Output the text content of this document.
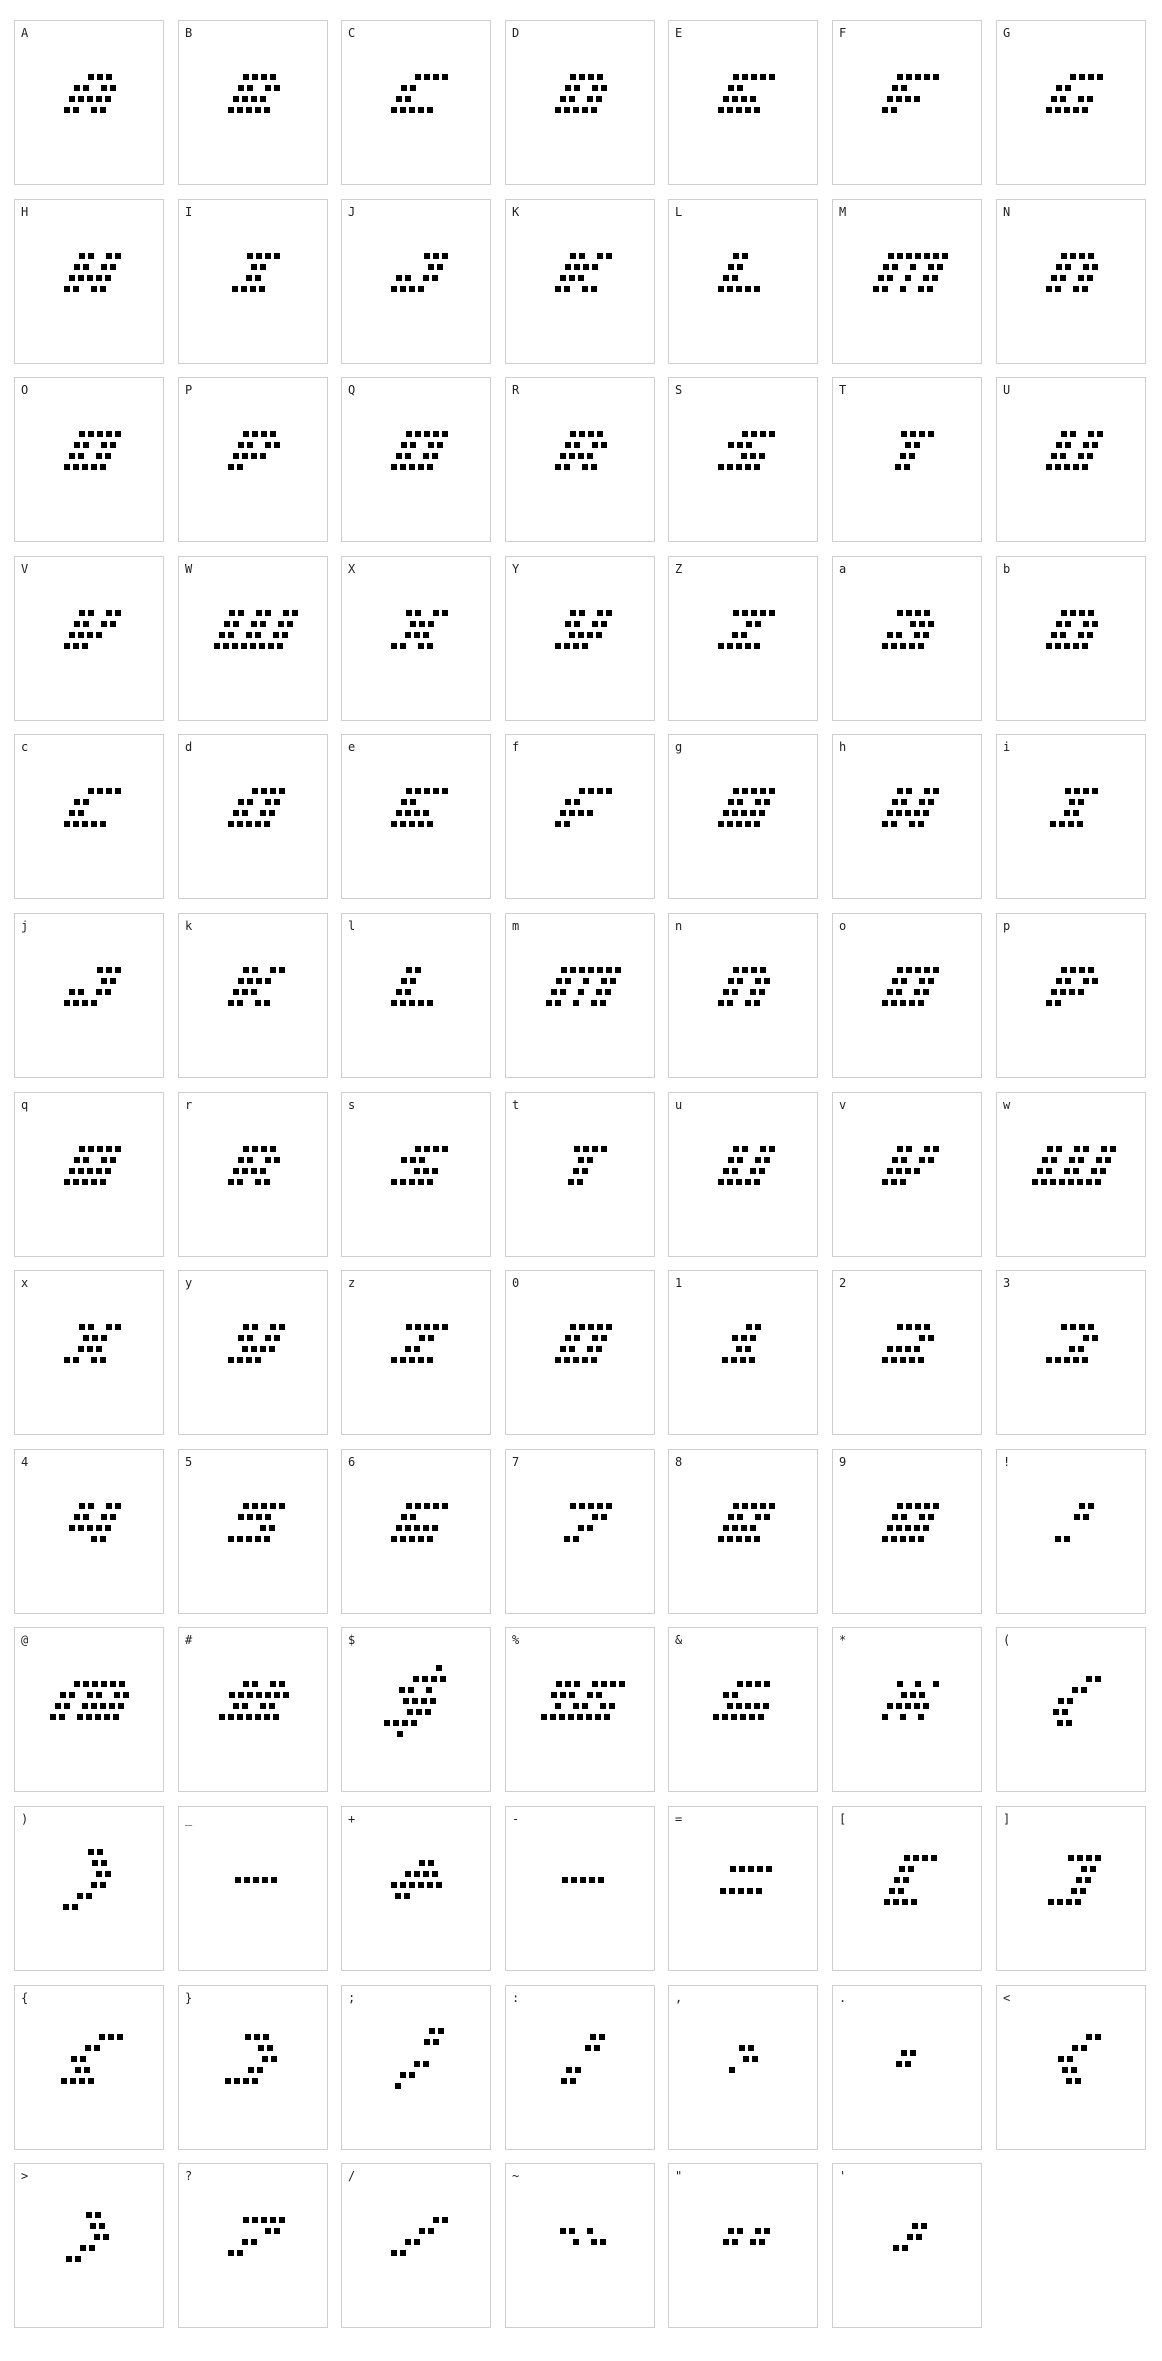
A	B	C	D	E	F	G
H	I	J	K	L	M	N
O	P	Q	R	S	T	U
V	W	X	Y	Z	a	b
c	d	e	f	g	h	i
j	k	l	m	n	o	p
q	r	s	t	u	v	w
x	y	z	0	1	2	3
4	5	6	7	8	9	!
@	#	$	%	&	*	(
)	_	+	-	=	[	]
{	}	;	:	,	.	<
>	?	/	~	"	'
